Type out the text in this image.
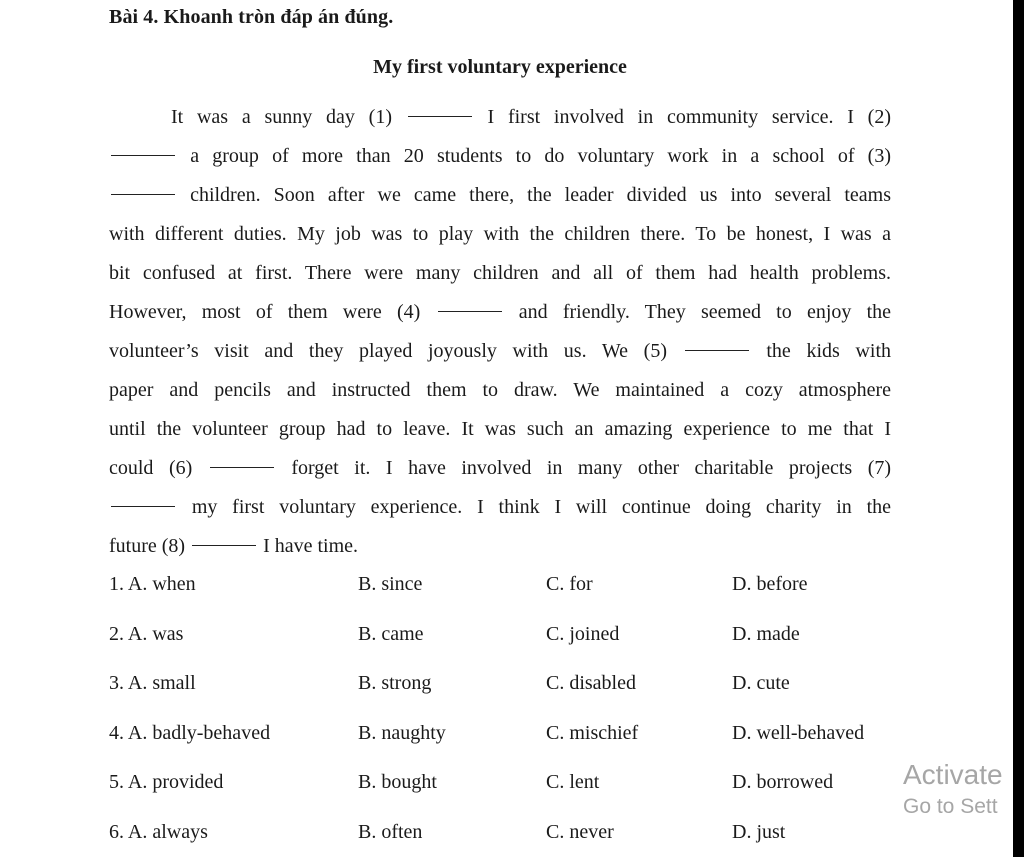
Bài 4. Khoanh tròn đáp án đúng.
My first voluntary experience
It was a sunny day (1)	I first involved in community service. I (2)
a group of more than 20 students to do voluntary work in a school of (3)
children. Soon after we came there, the leader divided us into several teams
with different duties. My job was to play with the children there. To be honest, I was a
bit confused at first. There were many children and all of them had health problems.
However, most of them were (4)	and friendly. They seemed to enjoy the
volunteer’s visit and they played joyously with us. We (5)	the kids with
paper and pencils and instructed them to draw. We maintained a cozy atmosphere
until the volunteer group had to leave. It was such an amazing experience to me that I
could (6)	forget it. I have involved in many other charitable projects (7)
my first voluntary experience. I think I will continue doing charity in the
future (8)	I have time.
1. A. when	B. since	C. for	D. before
2. A. was	B. came	C. joined	D. made
3. A. small	B. strong	C. disabled	D. cute
4. A. badly-behaved	B. naughty	C. mischief	D. well-behaved
5. A. provided	B. bought	C. lent	D. borrowed
6. A. always	B. often	C. never	D. just
Activate
Go to Sett
